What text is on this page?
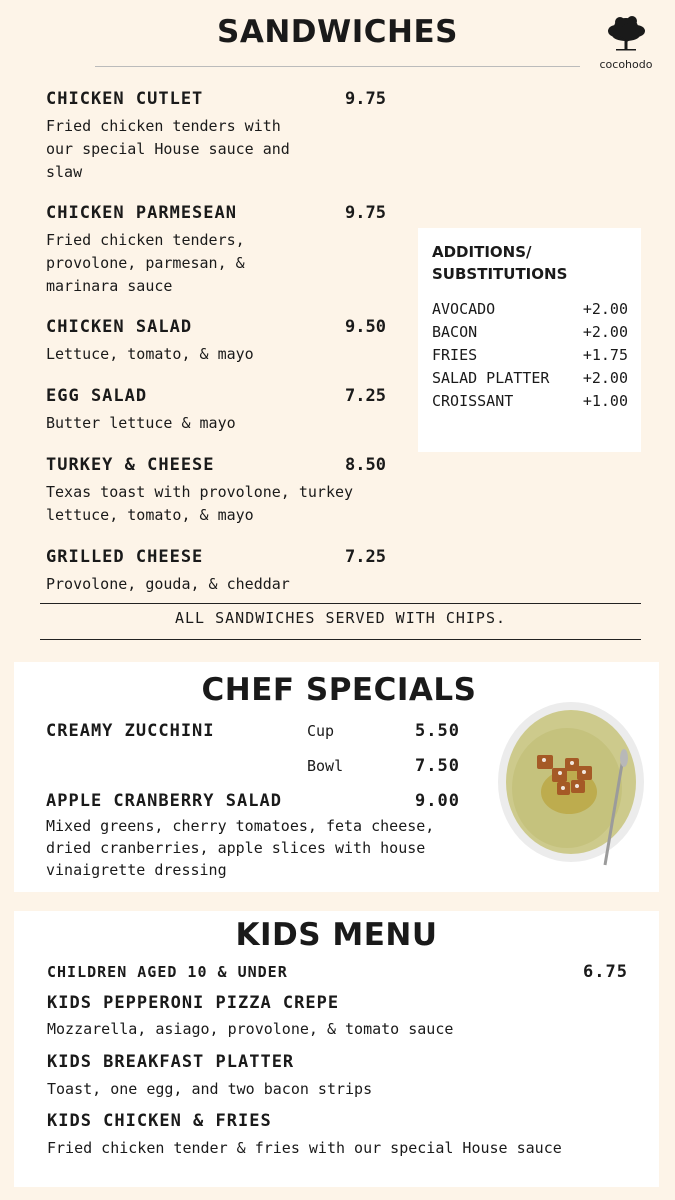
SANDWICHES
cocohodo
CHICKEN CUTLET	9.75
Fried chicken tenders with our special House sauce and slaw
CHICKEN PARMESEAN	9.75
Fried chicken tenders, provolone, parmesan, & marinara sauce
CHICKEN SALAD	9.50
Lettuce, tomato, & mayo
EGG SALAD	7.25
Butter lettuce & mayo
TURKEY & CHEESE	8.50
Texas toast with provolone, turkey lettuce, tomato, & mayo
GRILLED CHEESE	7.25
Provolone, gouda, & cheddar
ADDITIONS/ SUBSTITUTIONS
AVOCADO	+2.00
BACON	+2.00
FRIES	+1.75
SALAD PLATTER +2.00
CROISSANT	+1.00
ALL SANDWICHES SERVED WITH CHIPS.
CHEF SPECIALS
CREAMY ZUCCHINI	Cup	5.50
Bowl	7.50
APPLE CRANBERRY SALAD	9.00
Mixed greens, cherry tomatoes, feta cheese,
dried cranberries, apple slices with house
vinaigrette dressing
KIDS MENU
CHILDREN AGED 10 & UNDER	6.75
KIDS PEPPERONI PIZZA CREPE
Mozzarella, asiago, provolone, & tomato sauce
KIDS BREAKFAST PLATTER
Toast, one egg, and two bacon strips
KIDS CHICKEN & FRIES
Fried chicken tender & fries with our special House sauce
